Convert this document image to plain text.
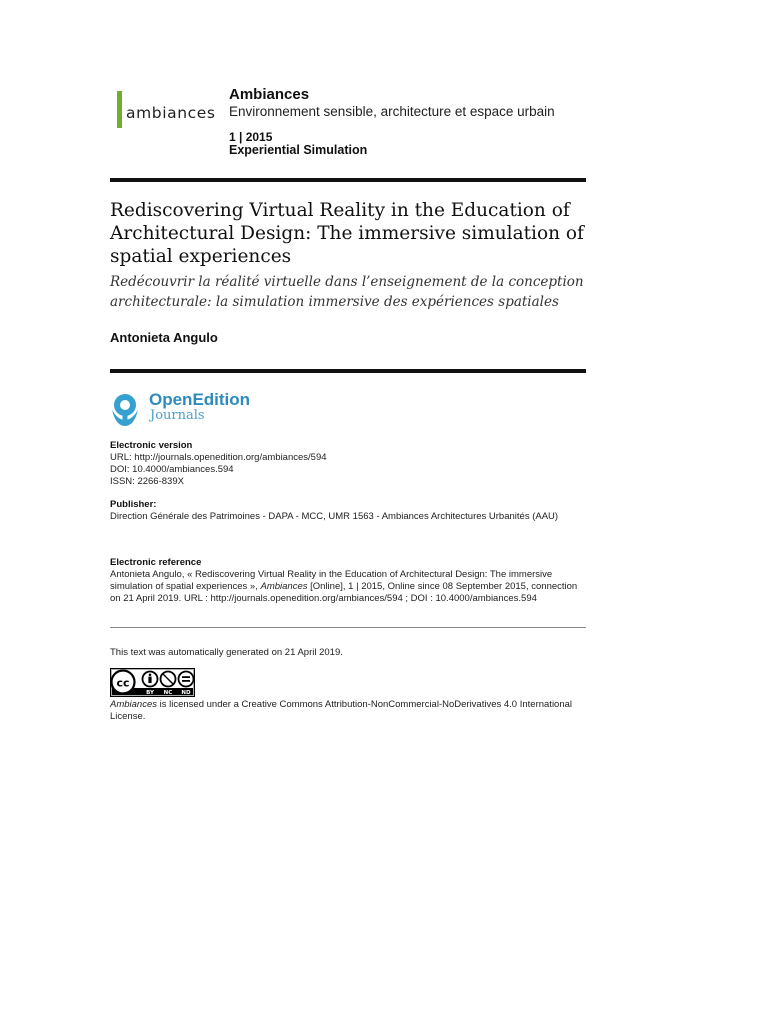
ambiances
Ambiances
Environnement sensible, architecture et espace urbain
1 | 2015
Experiential Simulation
Rediscovering Virtual Reality in the Education of Architectural Design: The immersive simulation of spatial experiences

Redécouvrir la réalité virtuelle dans l’enseignement de la conception architecturale: la simulation immersive des expériences spatiales

Antonieta Angulo
OpenEdition
Journals
Electronic version
URL: http://journals.openedition.org/ambiances/594
DOI: 10.4000/ambiances.594
ISSN: 2266-839X
Publisher:
Direction Générale des Patrimoines - DAPA - MCC, UMR 1563 - Ambiances Architectures Urbanités (AAU)
Electronic reference
Antonieta Angulo, « Rediscovering Virtual Reality in the Education of Architectural Design: The immersive simulation of spatial experiences », Ambiances [Online], 1 | 2015, Online since 08 September 2015, connection on 21 April 2019. URL : http://journals.openedition.org/ambiances/594 ; DOI : 10.4000/ambiances.594
This text was automatically generated on 21 April 2019.
cc
BY NC ND
Ambiances is licensed under a Creative Commons Attribution-NonCommercial-NoDerivatives 4.0 International License.
